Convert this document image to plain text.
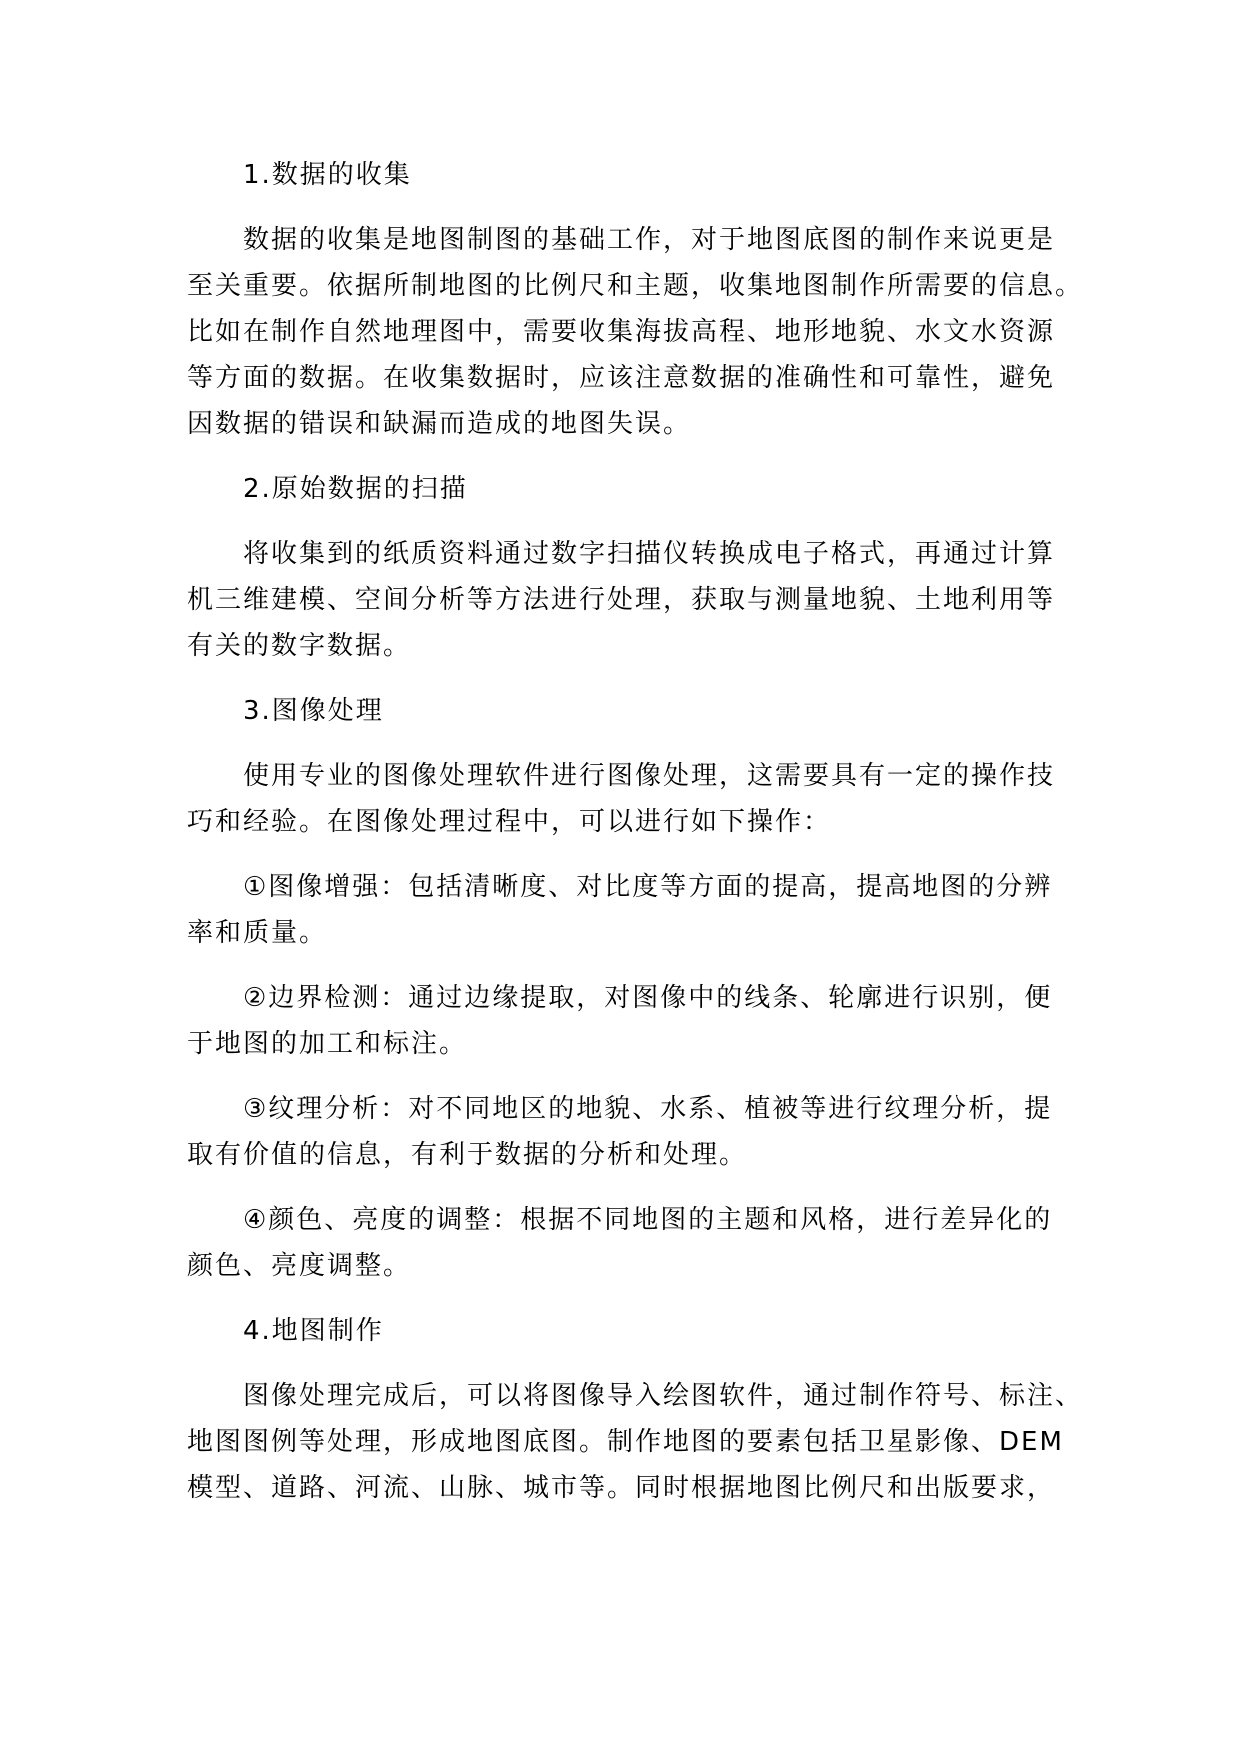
1.数据的收集
数据的收集是地图制图的基础工作，对于地图底图的制作来说更是
至关重要。依据所制地图的比例尺和主题，收集地图制作所需要的信息。
比如在制作自然地理图中，需要收集海拔高程、地形地貌、水文水资源
等方面的数据。在收集数据时，应该注意数据的准确性和可靠性，避免
因数据的错误和缺漏而造成的地图失误。
2.原始数据的扫描
将收集到的纸质资料通过数字扫描仪转换成电子格式，再通过计算
机三维建模、空间分析等方法进行处理，获取与测量地貌、土地利用等
有关的数字数据。
3.图像处理
使用专业的图像处理软件进行图像处理，这需要具有一定的操作技
巧和经验。在图像处理过程中，可以进行如下操作：
①图像增强：包括清晰度、对比度等方面的提高，提高地图的分辨
率和质量。
②边界检测：通过边缘提取，对图像中的线条、轮廓进行识别，便
于地图的加工和标注。
③纹理分析：对不同地区的地貌、水系、植被等进行纹理分析，提
取有价值的信息，有利于数据的分析和处理。
④颜色、亮度的调整：根据不同地图的主题和风格，进行差异化的
颜色、亮度调整。
4.地图制作
图像处理完成后，可以将图像导入绘图软件，通过制作符号、标注、
地图图例等处理，形成地图底图。制作地图的要素包括卫星影像、DEM
模型、道路、河流、山脉、城市等。同时根据地图比例尺和出版要求，
